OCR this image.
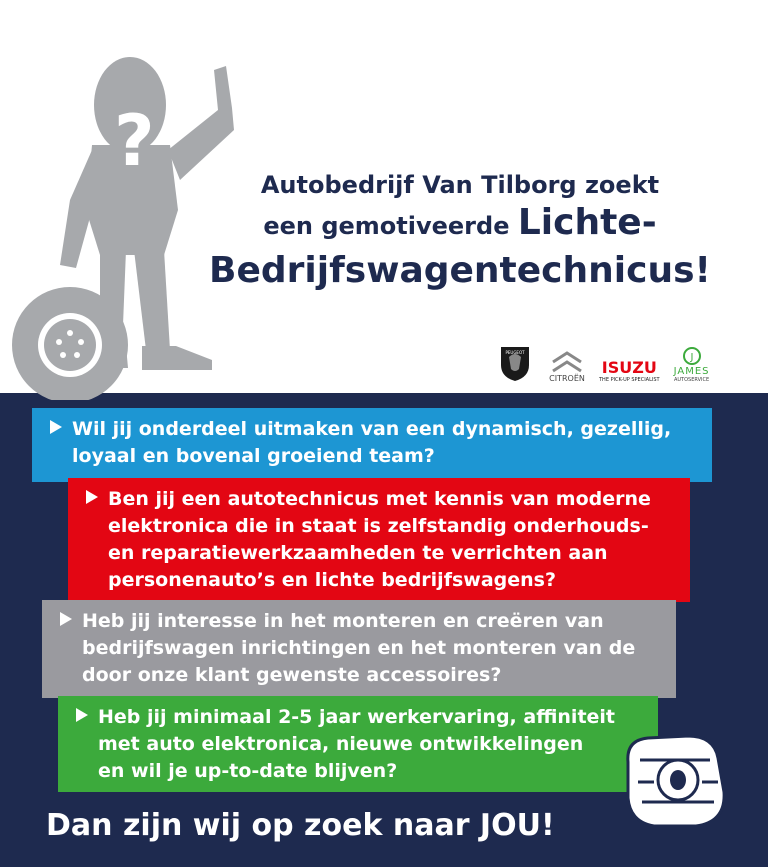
?
Autobedrijf Van Tilborg zoekt
een gemotiveerde Lichte-
Bedrijfswagentechnicus!
PEUGEOT
CITROËN
ISUZU
THE PICK-UP SPECIALIST
J
JAMES
AUTOSERVICE
Wil jij onderdeel uitmaken van een dynamisch, gezellig,
loyaal en bovenal groeiend team?
Ben jij een autotechnicus met kennis van moderne
elektronica die in staat is zelfstandig onderhouds-
en reparatiewerkzaamheden te verrichten aan
personenauto’s en lichte bedrijfswagens?
Heb jij interesse in het monteren en creëren van
bedrijfswagen inrichtingen en het monteren van de
door onze klant gewenste accessoires?
Heb jij minimaal 2-5 jaar werkervaring, affiniteit
met auto elektronica, nieuwe ontwikkelingen
en wil je up-to-date blijven?
Dan zijn wij op zoek naar JOU!
